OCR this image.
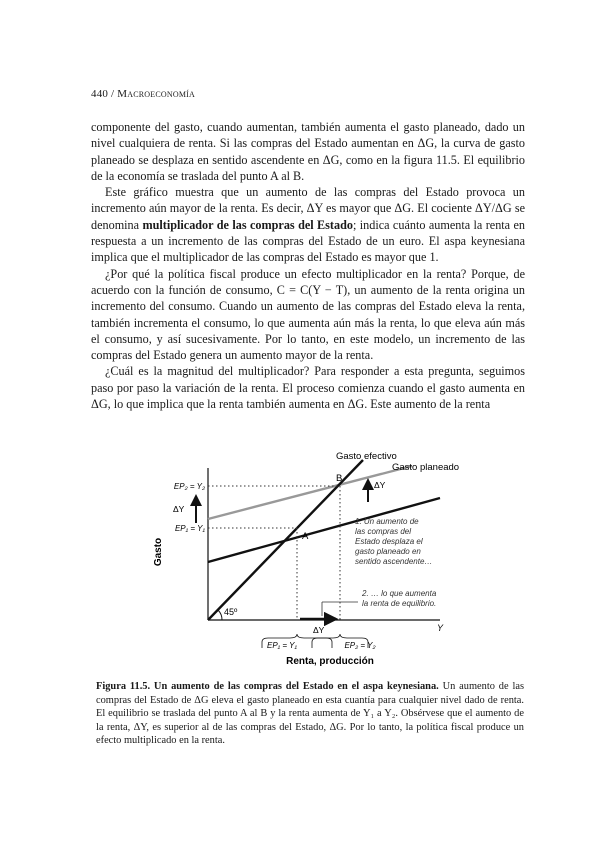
440 / Macroeconomía

componente del gasto, cuando aumentan, también aumenta el gasto planeado, dado un nivel cualquiera de renta. Si las compras del Estado aumentan en ΔG, la curva de gasto planeado se desplaza en sentido ascendente en ΔG, como en la figura 11.5. El equilibrio de la economía se traslada del punto A al B.

Este gráfico muestra que un aumento de las compras del Estado provoca un incremento aún mayor de la renta. Es decir, ΔY es mayor que ΔG. El cociente ΔY/ΔG se denomina multiplicador de las compras del Estado; indica cuánto aumenta la renta en respuesta a un incremento de las compras del Estado de un euro. El aspa keynesiana implica que el multiplicador de las compras del Estado es mayor que 1.

¿Por qué la política fiscal produce un efecto multiplicador en la renta? Porque, de acuerdo con la función de consumo, C = C(Y − T), un aumento de la renta origina un incremento del consumo. Cuando un aumento de las compras del Estado eleva la renta, también incrementa el consumo, lo que aumenta aún más la renta, lo que eleva aún más el consumo, y así sucesivamente. Por lo tanto, en este modelo, un incremento de las compras del Estado genera un aumento mayor de la renta.

¿Cuál es la magnitud del multiplicador? Para responder a esta pregunta, seguimos paso por paso la variación de la renta. El proceso comienza cuando el gasto aumenta en ΔG, lo que implica que la renta también aumenta en ΔG. Este aumento de la renta

45º
Gasto efectivo
Gasto planeado
B
A
EP₂ = Y₂
EP₁ = Y₁
ΔY
ΔY
1. Un aumento de
las compras del
Estado desplaza el
gasto planeado en
sentido ascendente…
2. … lo que aumenta
la renta de equilibrio.
ΔY	Y
EP₁ = Y₁	EP₂ = Y₂
Gasto
Renta, producción
Figura 11.5. Un aumento de las compras del Estado en el aspa keynesiana. Un aumento de las compras del Estado de ΔG eleva el gasto planeado en esta cuantía para cualquier nivel dado de renta. El equilibrio se traslada del punto A al B y la renta aumenta de Y₁ a Y₂. Obsérvese que el aumento de la renta, ΔY, es superior al de las compras del Estado, ΔG. Por lo tanto, la política fiscal produce un efecto multiplicado en la renta.
